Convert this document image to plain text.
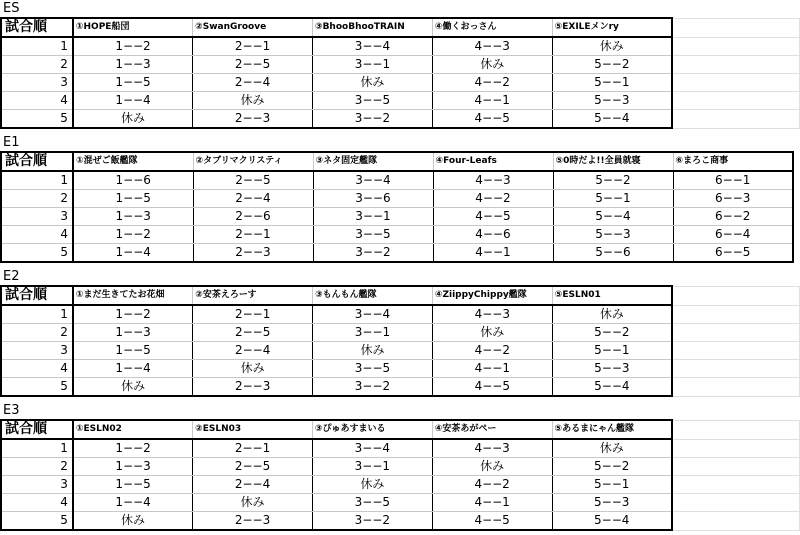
ES
試合順	①HOPE船団	②SwanGroove	③BhooBhooTRAIN	④働くおっさん	⑤EXILEメンry	
1	1−−2	2−−1	3−−4	4−−3	休み	
2	1−−3	2−−5	3−−1	休み	5−−2	
3	1−−5	2−−4	休み	4−−2	5−−1	
4	1−−4	休み	3−−5	4−−1	5−−3	
5	休み	2−−3	3−−2	4−−5	5−−4	
E1
試合順	①混ぜご飯艦隊	②タブリマクリスティ	③ネタ固定艦隊	④Four-Leafs	⑤0時だよ!!全員就寝	⑥まろこ商事
1	1−−6	2−−5	3−−4	4−−3	5−−2	6−−1
2	1−−5	2−−4	3−−6	4−−2	5−−1	6−−3
3	1−−3	2−−6	3−−1	4−−5	5−−4	6−−2
4	1−−2	2−−1	3−−5	4−−6	5−−3	6−−4
5	1−−4	2−−3	3−−2	4−−1	5−−6	6−−5
E2
試合順	①まだ生きてたお花畑	②安茶えろーす	③もんもん艦隊	④ZiippyChippy艦隊	⑤ESLN01	
1	1−−2	2−−1	3−−4	4−−3	休み	
2	1−−3	2−−5	3−−1	休み	5−−2	
3	1−−5	2−−4	休み	4−−2	5−−1	
4	1−−4	休み	3−−5	4−−1	5−−3	
5	休み	2−−3	3−−2	4−−5	5−−4	
E3
試合順	①ESLN02	②ESLN03	③ぴゅあすまいる	④安茶あがぺー	⑤あるまにゃん艦隊	
1	1−−2	2−−1	3−−4	4−−3	休み	
2	1−−3	2−−5	3−−1	休み	5−−2	
3	1−−5	2−−4	休み	4−−2	5−−1	
4	1−−4	休み	3−−5	4−−1	5−−3	
5	休み	2−−3	3−−2	4−−5	5−−4	
